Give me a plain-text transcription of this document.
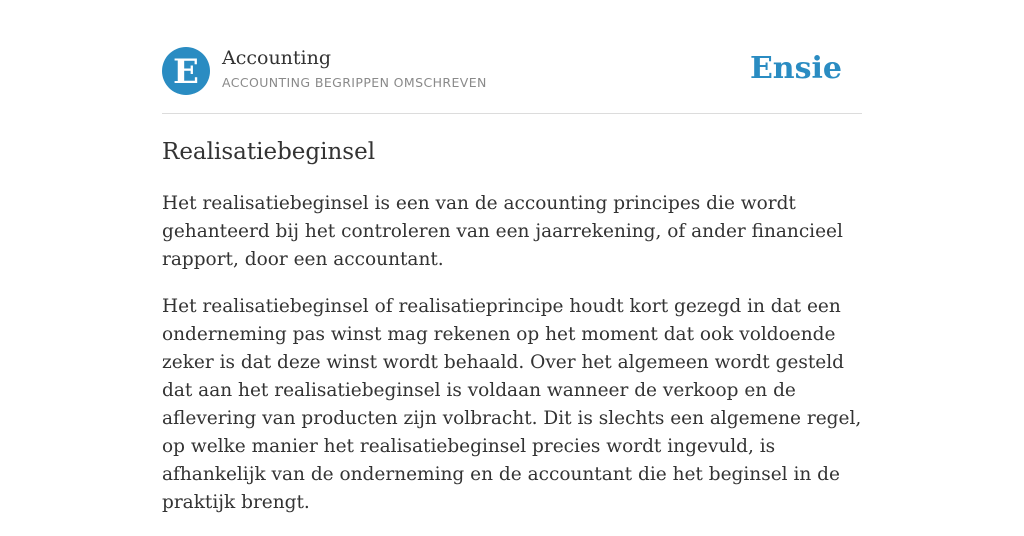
E Accounting
ACCOUNTING BEGRIPPEN OMSCHREVEN	Ensie
Realisatiebeginsel

Het realisatiebeginsel is een van de accounting principes die wordt gehanteerd bij het controleren van een jaarrekening, of ander financieel rapport, door een accountant.

Het realisatiebeginsel of realisatieprincipe houdt kort gezegd in dat een onderneming pas winst mag rekenen op het moment dat ook voldoende zeker is dat deze winst wordt behaald. Over het algemeen wordt gesteld dat aan het realisatiebeginsel is voldaan wanneer de verkoop en de aflevering van producten zijn volbracht. Dit is slechts een algemene regel, op welke manier het realisatiebeginsel precies wordt ingevuld, is afhankelijk van de onderneming en de accountant die het beginsel in de praktijk brengt.
